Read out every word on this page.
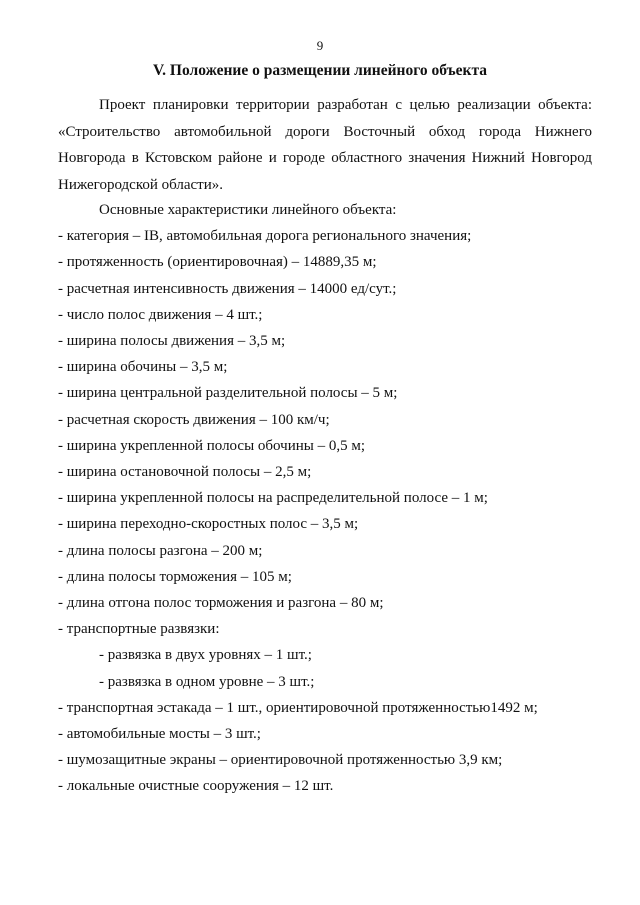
9
V. Положение о размещении линейного объекта
Проект планировки территории разработан с целью реализации объекта: «Строительство автомобильной дороги Восточный обход города Нижнего Новгорода в Кстовском районе и городе областного значения Нижний Новгород Нижегородской области».
Основные характеристики линейного объекта:
- категория – IB, автомобильная дорога регионального значения;
- протяженность (ориентировочная) – 14889,35 м;
- расчетная интенсивность движения – 14000 ед/сут.;
- число полос движения – 4 шт.;
- ширина полосы движения – 3,5 м;
- ширина обочины – 3,5 м;
- ширина центральной разделительной полосы – 5 м;
- расчетная скорость движения – 100 км/ч;
- ширина укрепленной полосы обочины – 0,5 м;
- ширина остановочной полосы – 2,5 м;
- ширина укрепленной полосы на распределительной полосе – 1 м;
- ширина переходно-скоростных полос – 3,5 м;
- длина полосы разгона – 200 м;
- длина полосы торможения – 105 м;
- длина отгона полос торможения и разгона – 80 м;
- транспортные развязки:
- развязка в двух уровнях – 1 шт.;
- развязка в одном уровне – 3 шт.;
- транспортная эстакада – 1 шт., ориентировочной протяженностью1492 м;
- автомобильные мосты – 3 шт.;
- шумозащитные экраны – ориентировочной протяженностью 3,9 км;
- локальные очистные сооружения – 12 шт.
